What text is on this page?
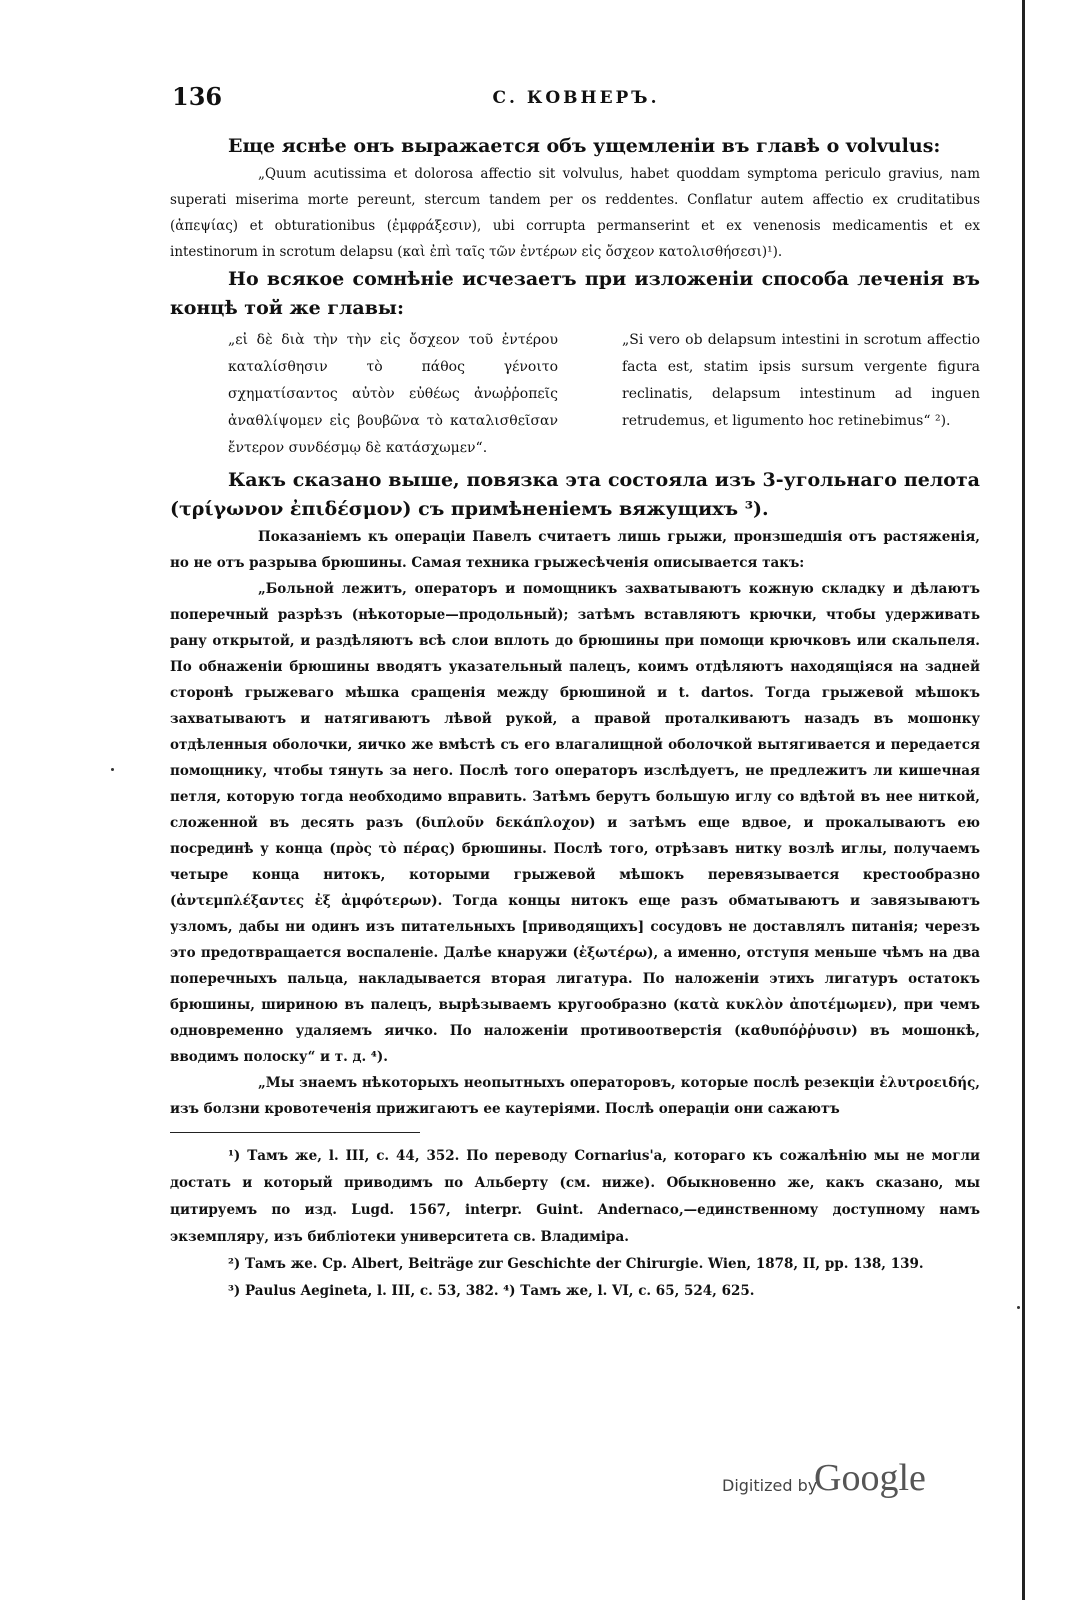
136	С. КОВНЕРЪ.

Еще яснѣе онъ выражается объ ущемленіи въ главѣ о volvulus:

„Quum acutissima et dolorosa affectio sit volvulus, habet quoddam symptoma periculo gravius, nam superati miserima morte pereunt, stercum tandem per os reddentes. Conflatur autem affectio ex cruditatibus (ἀπεψίας) et obturationibus (ἐμφράξεσιν), ubi corrupta permanserint et ex venenosis medicamentis et ex intestinorum in scrotum delapsu (καὶ ἐπὶ ταῖς τῶν ἐντέρων εἰς ὄσχεον κατολισθήσεσι)¹).

Но всякое сомнѣніе исчезаетъ при изложеніи способа леченія въ концѣ той же главы:

„εἰ δὲ διὰ τὴν τὴν εἰς ὄσχεον τοῦ ἐντέρου καταλίσθησιν τὸ πάθος γένοιτο σχηματίσαντος αὐτὸν εὐθέως ἀνωῤῥοπεῖς ἀναθλίψομεν εἰς βουβῶνα τὸ καταλισθεῖσαν ἔντερον συνδέσμῳ δὲ κατάσχωμεν“.
„Si vero ob delapsum intestini in scrotum affectio facta est, statim ipsis sursum vergente figura reclinatis, delapsum intestinum ad inguen retrudemus, et ligumento hoc retinebimus“ ²).

Какъ сказано выше, повязка эта состояла изъ 3-угольнаго пелота (τρίγωνον ἐπιδέσμον) съ примѣненіемъ вяжущихъ ³).

Показаніемъ къ операціи Павелъ считаетъ лишь грыжи, пронзшедшія отъ растяженія, но не отъ разрыва брюшины. Самая техника грыжесѣченія описывается такъ:

„Больной лежитъ, операторъ и помощникъ захватываютъ кожную складку и дѣлаютъ поперечный разрѣзъ (нѣкоторые—продольный); затѣмъ вставляютъ крючки, чтобы удерживать рану открытой, и раздѣляютъ всѣ слои вплоть до брюшины при помощи крючковъ или скальпеля. По обнаженіи брюшины вводятъ указательный палецъ, коимъ отдѣляютъ находящіяся на задней сторонѣ грыжеваго мѣшка сращенія между брюшиной и t. dartos. Тогда грыжевой мѣшокъ захватываютъ и натягиваютъ лѣвой рукой, а правой проталкиваютъ назадъ въ мошонку отдѣленныя оболочки, яичко же вмѣстѣ съ его влагалищной оболочкой вытягивается и передается помощнику, чтобы тянуть за него. Послѣ того операторъ изслѣдуетъ, не предлежитъ ли кишечная петля, которую тогда необходимо вправить. Затѣмъ берутъ большую иглу со вдѣтой въ нее ниткой, сложенной въ десять разъ (διπλοῦν δεκάπλοχον) и затѣмъ еще вдвое, и прокалываютъ ею посрединѣ у конца (πρὸς τὸ πέρας) брюшины. Послѣ того, отрѣзавъ нитку возлѣ иглы, получаемъ четыре конца нитокъ, которыми грыжевой мѣшокъ перевязывается крестообразно (ἀντεμπλέξαντες ἐξ ἀμφότερων). Тогда концы нитокъ еще разъ обматываютъ и завязываютъ узломъ, дабы ни одинъ изъ питательныхъ [приводящихъ] сосудовъ не доставлялъ питанія; черезъ это предотвращается воспаленіе. Далѣе кнаружи (ἐξωτέρω), а именно, отступя меньше чѣмъ на два поперечныхъ пальца, накладывается вторая лигатура. По наложеніи этихъ лигатуръ остатокъ брюшины, шириною въ палецъ, вырѣзываемъ кругообразно (κατὰ κυκλὸν ἀποτέμωμεν), при чемъ одновременно удаляемъ яичко. По наложеніи противоотверстія (καθυπόῤῥυσιν) въ мошонкѣ, вводимъ полоску“ и т. д. ⁴).

„Мы знаемъ нѣкоторыхъ неопытныхъ операторовъ, которые послѣ резекціи ἐλυτροειδής, изъ болзни кровотеченія прижигаютъ ее каутеріями. Послѣ операціи они сажаютъ

¹) Тамъ же, l. III, c. 44, 352. По переводу Cornarius'а, котораго къ сожалѣнію мы не могли достать и который приводимъ по Альберту (см. ниже). Обыкновенно же, какъ сказано, мы цитируемъ по изд. Lugd. 1567, interpr. Guint. Andernaco,—единственному доступному намъ экземпляру, изъ библіотеки университета св. Владиміра.

²) Тамъ же. Ср. Albert, Beiträge zur Geschichte der Chirurgie. Wien, 1878, II, pp. 138, 139.

³) Paulus Aegineta, l. III, c. 53, 382. ⁴) Тамъ же, l. VI, c. 65, 524, 625.

Digitized by
Google
